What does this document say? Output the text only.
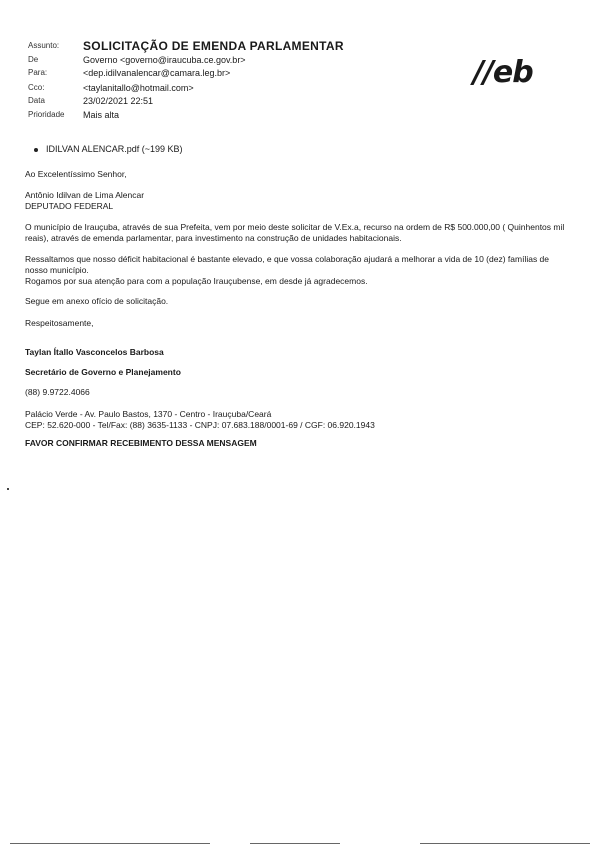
Assunto:	SOLICITAÇÃO DE EMENDA PARLAMENTAR
De	Governo <governo@iraucuba.ce.gov.br>
Para:	<dep.idilvanalencar@camara.leg.br>
Cco:	<taylanitallo@hotmail.com>
Data	23/02/2021 22:51
Prioridade	Mais alta
//eb
IDILVAN ALENCAR.pdf (~199 KB)
Ao Excelentíssimo Senhor,
Antônio Idilvan de Lima Alencar
DEPUTADO FEDERAL
O município de Irauçuba, através de sua Prefeita, vem por meio deste solicitar de V.Ex.a, recurso na ordem de R$ 500.000,00 ( Quinhentos mil reais), através de emenda parlamentar, para investimento na construção de unidades habitacionais.
Ressaltamos que nosso déficit habitacional é bastante elevado, e que vossa colaboração ajudará a melhorar a vida de 10 (dez) famílias de nosso município.
Rogamos por sua atenção para com a população Irauçubense, em desde já agradecemos.
Segue em anexo ofício de solicitação.
Respeitosamente,
Taylan Ítallo Vasconcelos Barbosa
Secretário de Governo e Planejamento
(88) 9.9722.4066
Palácio Verde - Av. Paulo Bastos, 1370 - Centro - Irauçuba/Ceará
CEP: 52.620-000 - Tel/Fax: (88) 3635-1133 - CNPJ: 07.683.188/0001-69 / CGF: 06.920.1943
FAVOR CONFIRMAR RECEBIMENTO DESSA MENSAGEM
